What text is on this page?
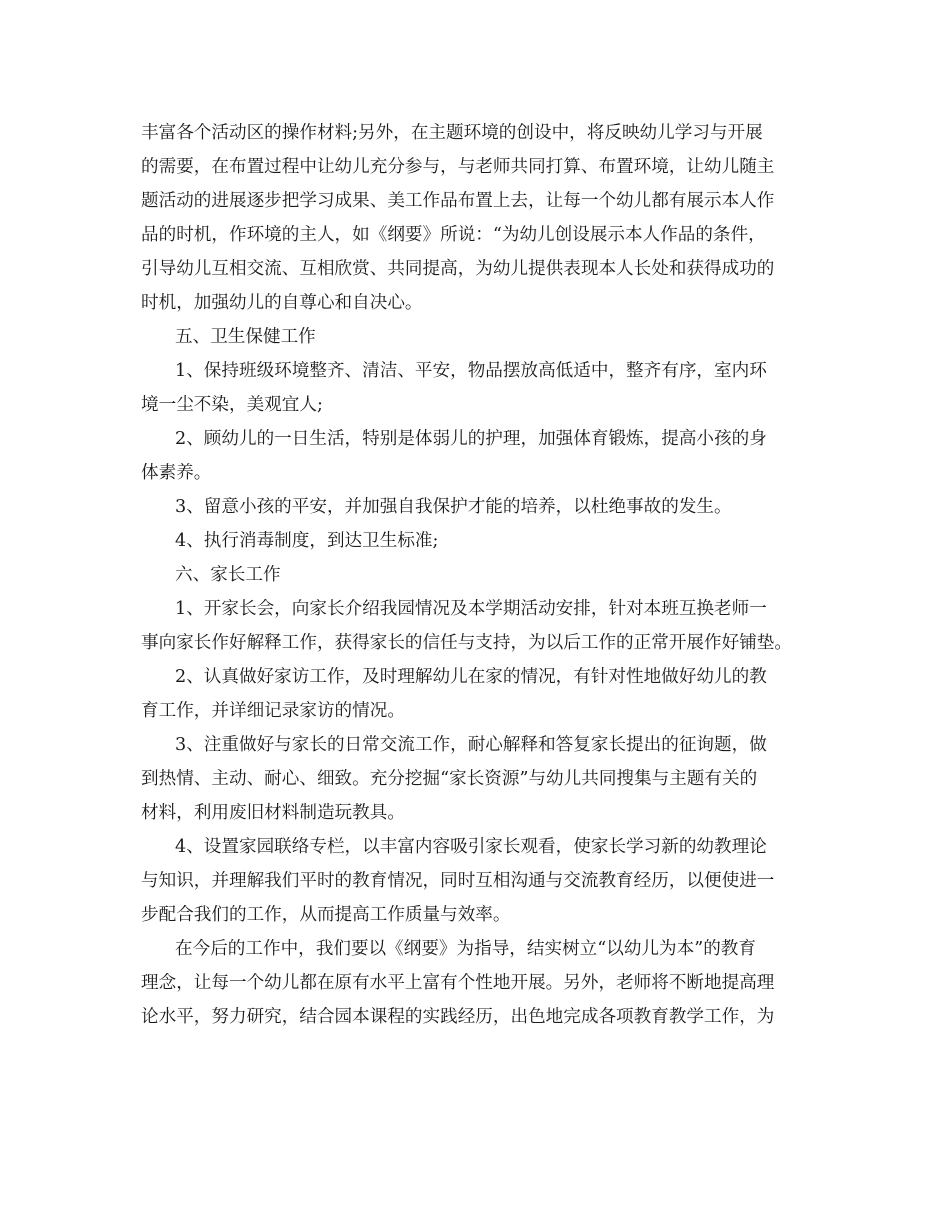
丰富各个活动区的操作材料;另外，在主题环境的创设中，将反映幼儿学习与开展
的需要，在布置过程中让幼儿充分参与，与老师共同打算、布置环境，让幼儿随主
题活动的进展逐步把学习成果、美工作品布置上去，让每一个幼儿都有展示本人作
品的时机，作环境的主人，如《纲要》所说：“为幼儿创设展示本人作品的条件，
引导幼儿互相交流、互相欣赏、共同提高，为幼儿提供表现本人长处和获得成功的
时机，加强幼儿的自尊心和自决心。
五、卫生保健工作
1、保持班级环境整齐、清洁、平安，物品摆放高低适中，整齐有序，室内环
境一尘不染，美观宜人;
2、顾幼儿的一日生活，特别是体弱儿的护理，加强体育锻炼，提高小孩的身
体素养。
3、留意小孩的平安，并加强自我保护才能的培养，以杜绝事故的发生。
4、执行消毒制度，到达卫生标准;
六、家长工作
1、开家长会，向家长介绍我园情况及本学期活动安排，针对本班互换老师一
事向家长作好解释工作，获得家长的信任与支持，为以后工作的正常开展作好铺垫。
2、认真做好家访工作，及时理解幼儿在家的情况，有针对性地做好幼儿的教
育工作，并详细记录家访的情况。
3、注重做好与家长的日常交流工作，耐心解释和答复家长提出的征询题，做
到热情、主动、耐心、细致。充分挖掘“家长资源”与幼儿共同搜集与主题有关的
材料，利用废旧材料制造玩教具。
4、设置家园联络专栏，以丰富内容吸引家长观看，使家长学习新的幼教理论
与知识，并理解我们平时的教育情况，同时互相沟通与交流教育经历，以便使进一
步配合我们的工作，从而提高工作质量与效率。
在今后的工作中，我们要以《纲要》为指导，结实树立“以幼儿为本”的教育
理念，让每一个幼儿都在原有水平上富有个性地开展。另外，老师将不断地提高理
论水平，努力研究，结合园本课程的实践经历，出色地完成各项教育教学工作，为
